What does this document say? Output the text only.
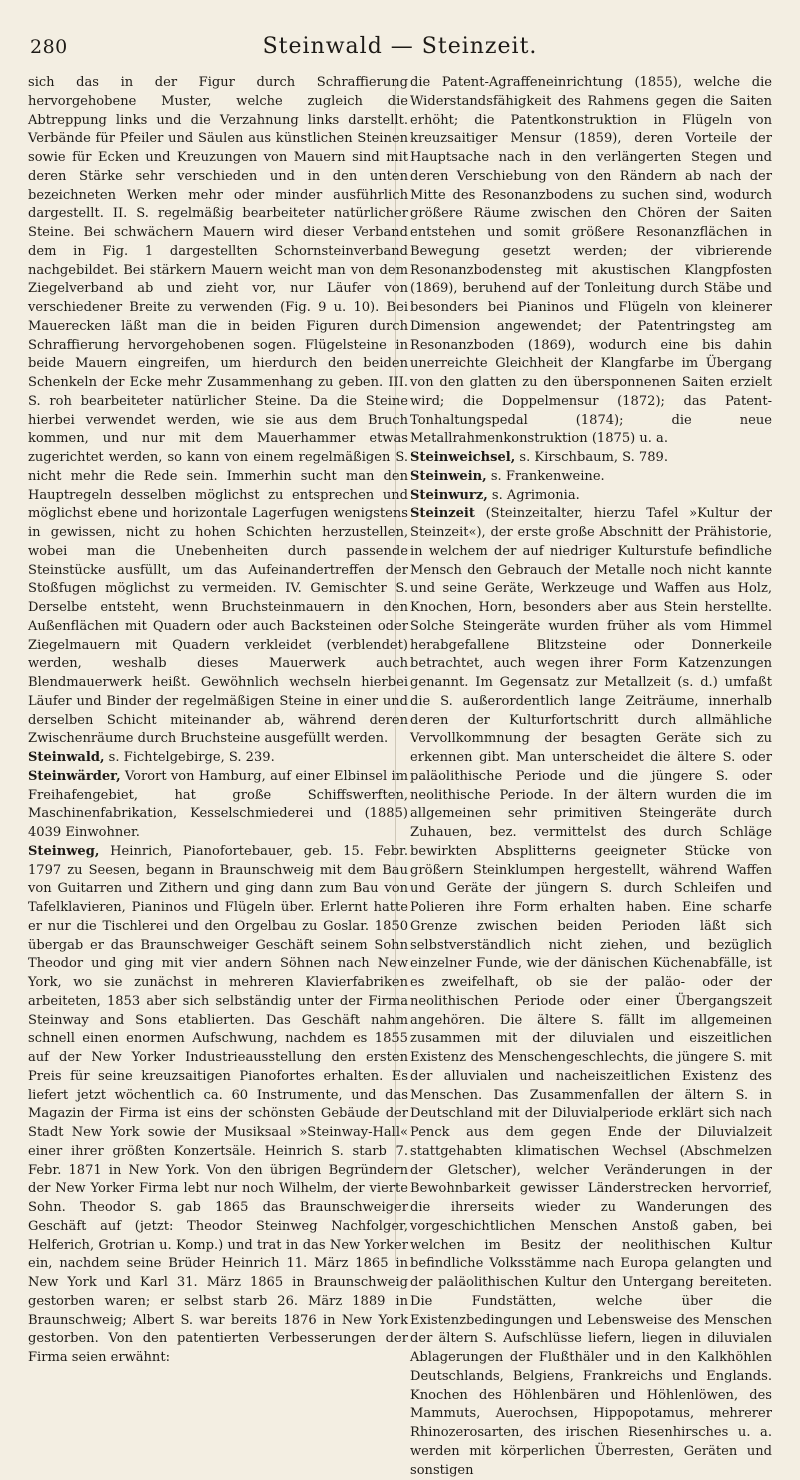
280	Steinwald — Steinzeit.

sich das in der Figur durch Schraffierung hervorgehobene Muster, welche zugleich die Abtreppung links und die Verzahnung links darstellt. Verbände für Pfeiler und Säulen aus künstlichen Steinen sowie für Ecken und Kreuzungen von Mauern sind mit deren Stärke sehr verschieden und in den unten bezeichneten Werken mehr oder minder ausführlich dargestellt. II. S. regelmäßig bearbeiteter natürlicher Steine. Bei schwächern Mauern wird dieser Verband dem in Fig. 1 dargestellten Schornsteinverband nachgebildet. Bei stärkern Mauern weicht man von dem Ziegelverband ab und zieht vor, nur Läufer von verschiedener Breite zu verwenden (Fig. 9 u. 10). Bei Mauerecken läßt man die in beiden Figuren durch Schraffierung hervorgehobenen sogen. Flügelsteine in beide Mauern eingreifen, um hierdurch den beiden Schenkeln der Ecke mehr Zusammenhang zu geben. III. S. roh bearbeiteter natürlicher Steine. Da die Steine hierbei verwendet werden, wie sie aus dem Bruch kommen, und nur mit dem Mauerhammer etwas zugerichtet werden, so kann von einem regelmäßigen S. nicht mehr die Rede sein. Immerhin sucht man den Hauptregeln desselben möglichst zu entsprechen und möglichst ebene und horizontale Lagerfugen wenigstens in gewissen, nicht zu hohen Schichten herzustellen, wobei man die Unebenheiten durch passende Steinstücke ausfüllt, um das Aufeinandertreffen der Stoßfugen möglichst zu vermeiden. IV. Gemischter S. Derselbe entsteht, wenn Bruchsteinmauern in den Außenflächen mit Quadern oder auch Backsteinen oder Ziegelmauern mit Quadern verkleidet (verblendet) werden, weshalb dieses Mauerwerk auch Blendmauerwerk heißt. Gewöhnlich wechseln hierbei Läufer und Binder der regelmäßigen Steine in einer und derselben Schicht miteinander ab, während deren Zwischenräume durch Bruchsteine ausgefüllt werden.

Steinwald, s. Fichtelgebirge, S. 239.

Steinwärder, Vorort von Hamburg, auf einer Elbinsel im Freihafengebiet, hat große Schiffswerften, Maschinenfabrikation, Kesselschmiederei und (1885) 4039 Einwohner.

Steinweg, Heinrich, Pianofortebauer, geb. 15. Febr. 1797 zu Seesen, begann in Braunschweig mit dem Bau von Guitarren und Zithern und ging dann zum Bau von Tafelklavieren, Pianinos und Flügeln über. Erlernt hatte er nur die Tischlerei und den Orgelbau zu Goslar. 1850 übergab er das Braunschweiger Geschäft seinem Sohn Theodor und ging mit vier andern Söhnen nach New York, wo sie zunächst in mehreren Klavierfabriken arbeiteten, 1853 aber sich selbständig unter der Firma Steinway and Sons etablierten. Das Geschäft nahm schnell einen enormen Aufschwung, nachdem es 1855 auf der New Yorker Industrieausstellung den ersten Preis für seine kreuzsaitigen Pianofortes erhalten. Es liefert jetzt wöchentlich ca. 60 Instrumente, und das Magazin der Firma ist eins der schönsten Gebäude der Stadt New York sowie der Musiksaal »Steinway-Hall« einer ihrer größten Konzertsäle. Heinrich S. starb 7. Febr. 1871 in New York. Von den übrigen Begründern der New Yorker Firma lebt nur noch Wilhelm, der vierte Sohn. Theodor S. gab 1865 das Braunschweiger Geschäft auf (jetzt: Theodor Steinweg Nachfolger, Helferich, Grotrian u. Komp.) und trat in das New Yorker ein, nachdem seine Brüder Heinrich 11. März 1865 in New York und Karl 31. März 1865 in Braunschweig gestorben waren; er selbst starb 26. März 1889 in Braunschweig; Albert S. war bereits 1876 in New York gestorben. Von den patentierten Verbesserungen der Firma seien erwähnt:

die Patent-Agraffeneinrichtung (1855), welche die Widerstandsfähigkeit des Rahmens gegen die Saiten erhöht; die Patentkonstruktion in Flügeln von kreuzsaitiger Mensur (1859), deren Vorteile der Hauptsache nach in den verlängerten Stegen und deren Verschiebung von den Rändern ab nach der Mitte des Resonanzbodens zu suchen sind, wodurch größere Räume zwischen den Chören der Saiten entstehen und somit größere Resonanzflächen in Bewegung gesetzt werden; der vibrierende Resonanzbodensteg mit akustischen Klangpfosten (1869), beruhend auf der Tonleitung durch Stäbe und besonders bei Pianinos und Flügeln von kleinerer Dimension angewendet; der Patentringsteg am Resonanzboden (1869), wodurch eine bis dahin unerreichte Gleichheit der Klangfarbe im Übergang von den glatten zu den übersponnenen Saiten erzielt wird; die Doppelmensur (1872); das Patent-Tonhaltungspedal (1874); die neue Metallrahmenkonstruktion (1875) u. a.

Steinweichsel, s. Kirschbaum, S. 789.

Steinwein, s. Frankenweine.

Steinwurz, s. Agrimonia.

Steinzeit (Steinzeitalter, hierzu Tafel »Kultur der Steinzeit«), der erste große Abschnitt der Prähistorie, in welchem der auf niedriger Kulturstufe befindliche Mensch den Gebrauch der Metalle noch nicht kannte und seine Geräte, Werkzeuge und Waffen aus Holz, Knochen, Horn, besonders aber aus Stein herstellte. Solche Steingeräte wurden früher als vom Himmel herabgefallene Blitzsteine oder Donnerkeile betrachtet, auch wegen ihrer Form Katzenzungen genannt. Im Gegensatz zur Metallzeit (s. d.) umfaßt die S. außerordentlich lange Zeiträume, innerhalb deren der Kulturfortschritt durch allmähliche Vervollkommnung der besagten Geräte sich zu erkennen gibt. Man unterscheidet die ältere S. oder paläolithische Periode und die jüngere S. oder neolithische Periode. In der ältern wurden die im allgemeinen sehr primitiven Steingeräte durch Zuhauen, bez. vermittelst des durch Schläge bewirkten Absplitterns geeigneter Stücke von größern Steinklumpen hergestellt, während Waffen und Geräte der jüngern S. durch Schleifen und Polieren ihre Form erhalten haben. Eine scharfe Grenze zwischen beiden Perioden läßt sich selbstverständlich nicht ziehen, und bezüglich einzelner Funde, wie der dänischen Küchenabfälle, ist es zweifelhaft, ob sie der paläo- oder der neolithischen Periode oder einer Übergangszeit angehören. Die ältere S. fällt im allgemeinen zusammen mit der diluvialen und eiszeitlichen Existenz des Menschengeschlechts, die jüngere S. mit der alluvialen und nacheiszeitlichen Existenz des Menschen. Das Zusammenfallen der ältern S. in Deutschland mit der Diluvialperiode erklärt sich nach Penck aus dem gegen Ende der Diluvialzeit stattgehabten klimatischen Wechsel (Abschmelzen der Gletscher), welcher Veränderungen in der Bewohnbarkeit gewisser Länderstrecken hervorrief, die ihrerseits wieder zu Wanderungen des vorgeschichtlichen Menschen Anstoß gaben, bei welchen im Besitz der neolithischen Kultur befindliche Volksstämme nach Europa gelangten und der paläolithischen Kultur den Untergang bereiteten. Die Fundstätten, welche über die Existenzbedingungen und Lebensweise des Menschen der ältern S. Aufschlüsse liefern, liegen in diluvialen Ablagerungen der Flußthäler und in den Kalkhöhlen Deutschlands, Belgiens, Frankreichs und Englands. Knochen des Höhlenbären und Höhlenlöwen, des Mammuts, Auerochsen, Hippopotamus, mehrerer Rhinozerosarten, des irischen Riesenhirsches u. a. werden mit körperlichen Überresten, Geräten und sonstigen
